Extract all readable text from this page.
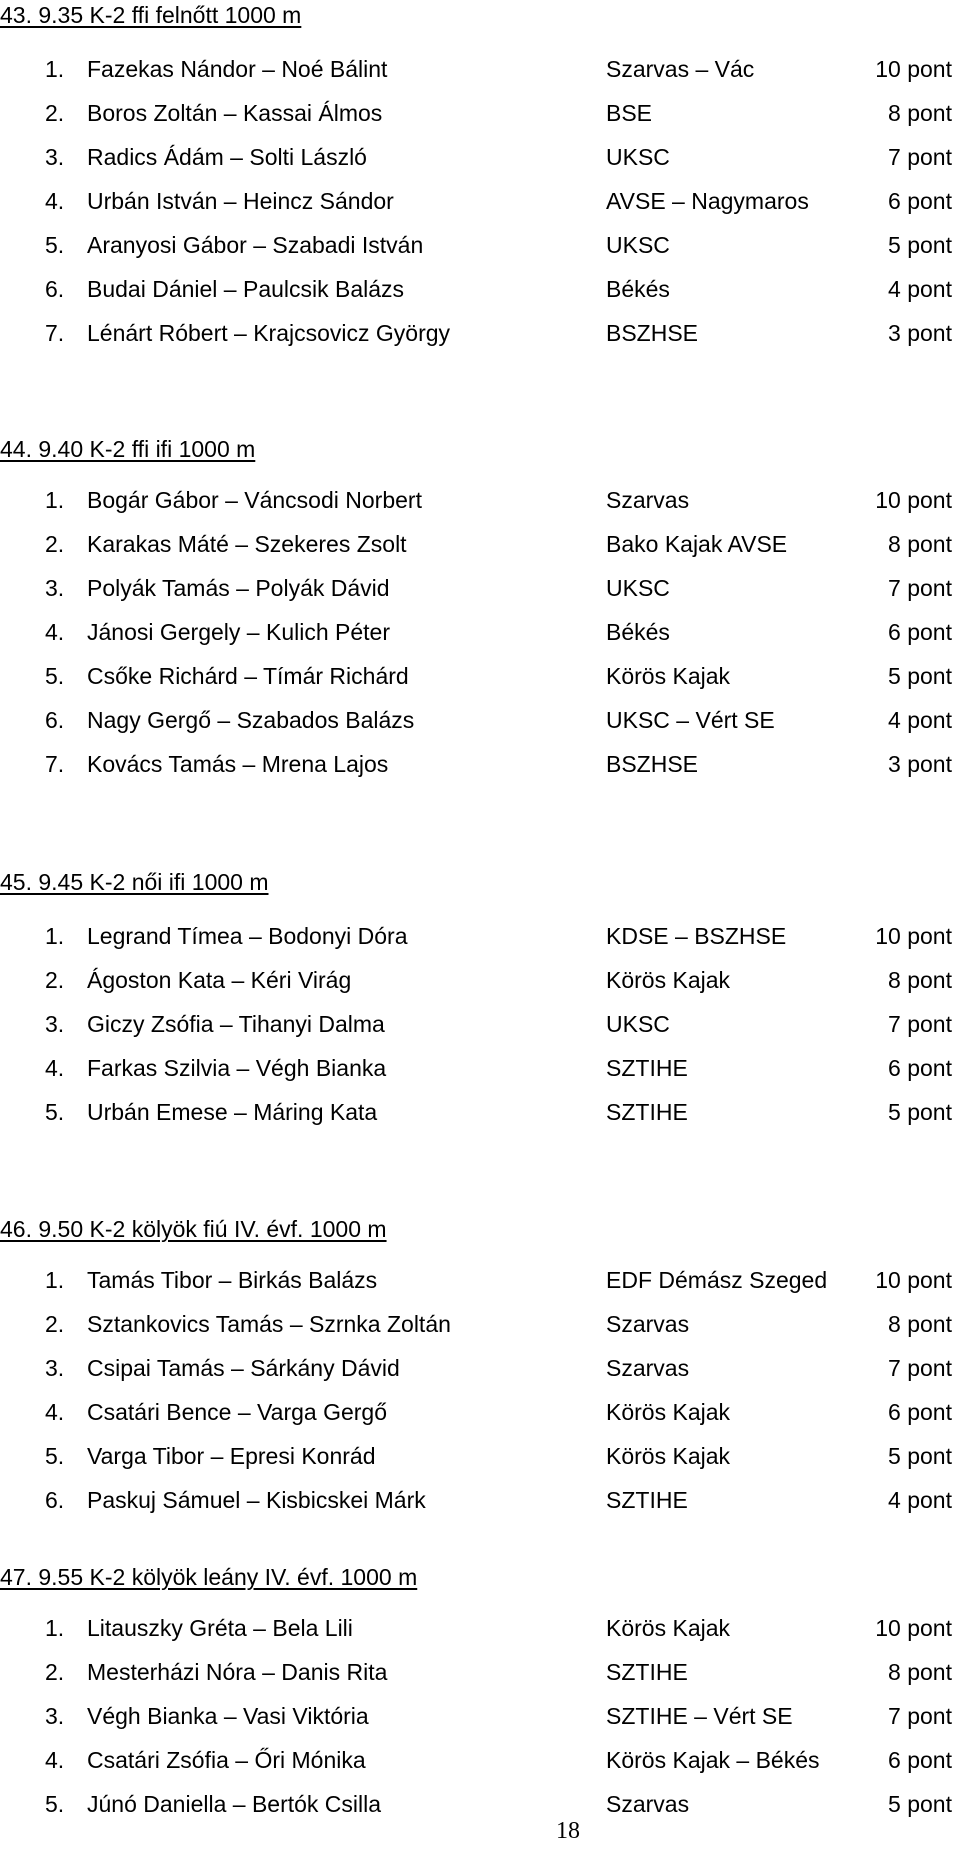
43. 9.35 K-2 ffi felnőtt 1000 m
1. Fazekas Nándor – Noé Bálint	Szarvas – Vác	10 pont
2. Boros Zoltán – Kassai Álmos	BSE	8 pont
3. Radics Ádám – Solti László	UKSC	7 pont
4. Urbán István – Heincz Sándor	AVSE – Nagymaros	6 pont
5. Aranyosi Gábor – Szabadi István	UKSC	5 pont
6. Budai Dániel – Paulcsik Balázs	Békés	4 pont
7. Lénárt Róbert – Krajcsovicz György	BSZHSE	3 pont
44. 9.40 K-2 ffi ifi 1000 m
1. Bogár Gábor – Váncsodi Norbert	Szarvas	10 pont
2. Karakas Máté – Szekeres Zsolt	Bako Kajak AVSE	8 pont
3. Polyák Tamás – Polyák Dávid	UKSC	7 pont
4. Jánosi Gergely – Kulich Péter	Békés	6 pont
5. Csőke Richárd – Tímár Richárd	Körös Kajak	5 pont
6. Nagy Gergő – Szabados Balázs	UKSC – Vért SE	4 pont
7. Kovács Tamás – Mrena Lajos	BSZHSE	3 pont
45. 9.45 K-2 női ifi 1000 m
1. Legrand Tímea – Bodonyi Dóra	KDSE – BSZHSE	10 pont
2. Ágoston Kata – Kéri Virág	Körös Kajak	8 pont
3. Giczy Zsófia – Tihanyi Dalma	UKSC	7 pont
4. Farkas Szilvia – Végh Bianka	SZTIHE	6 pont
5. Urbán Emese – Máring Kata	SZTIHE	5 pont
46. 9.50 K-2 kölyök fiú IV. évf. 1000 m
1. Tamás Tibor – Birkás Balázs	EDF Démász Szeged 10 pont
2. Sztankovics Tamás – Szrnka Zoltán	Szarvas	8 pont
3. Csipai Tamás – Sárkány Dávid	Szarvas	7 pont
4. Csatári Bence – Varga Gergő	Körös Kajak	6 pont
5. Varga Tibor – Epresi Konrád	Körös Kajak	5 pont
6. Paskuj Sámuel – Kisbicskei Márk	SZTIHE	4 pont
47. 9.55 K-2 kölyök leány IV. évf. 1000 m
1. Litauszky Gréta – Bela Lili	Körös Kajak	10 pont
2. Mesterházi Nóra – Danis Rita	SZTIHE	8 pont
3. Végh Bianka – Vasi Viktória	SZTIHE – Vért SE	7 pont
4. Csatári Zsófia – Őri Mónika	Körös Kajak – Békés	6 pont
5. Júnó Daniella – Bertók Csilla	Szarvas	5 pont
18
